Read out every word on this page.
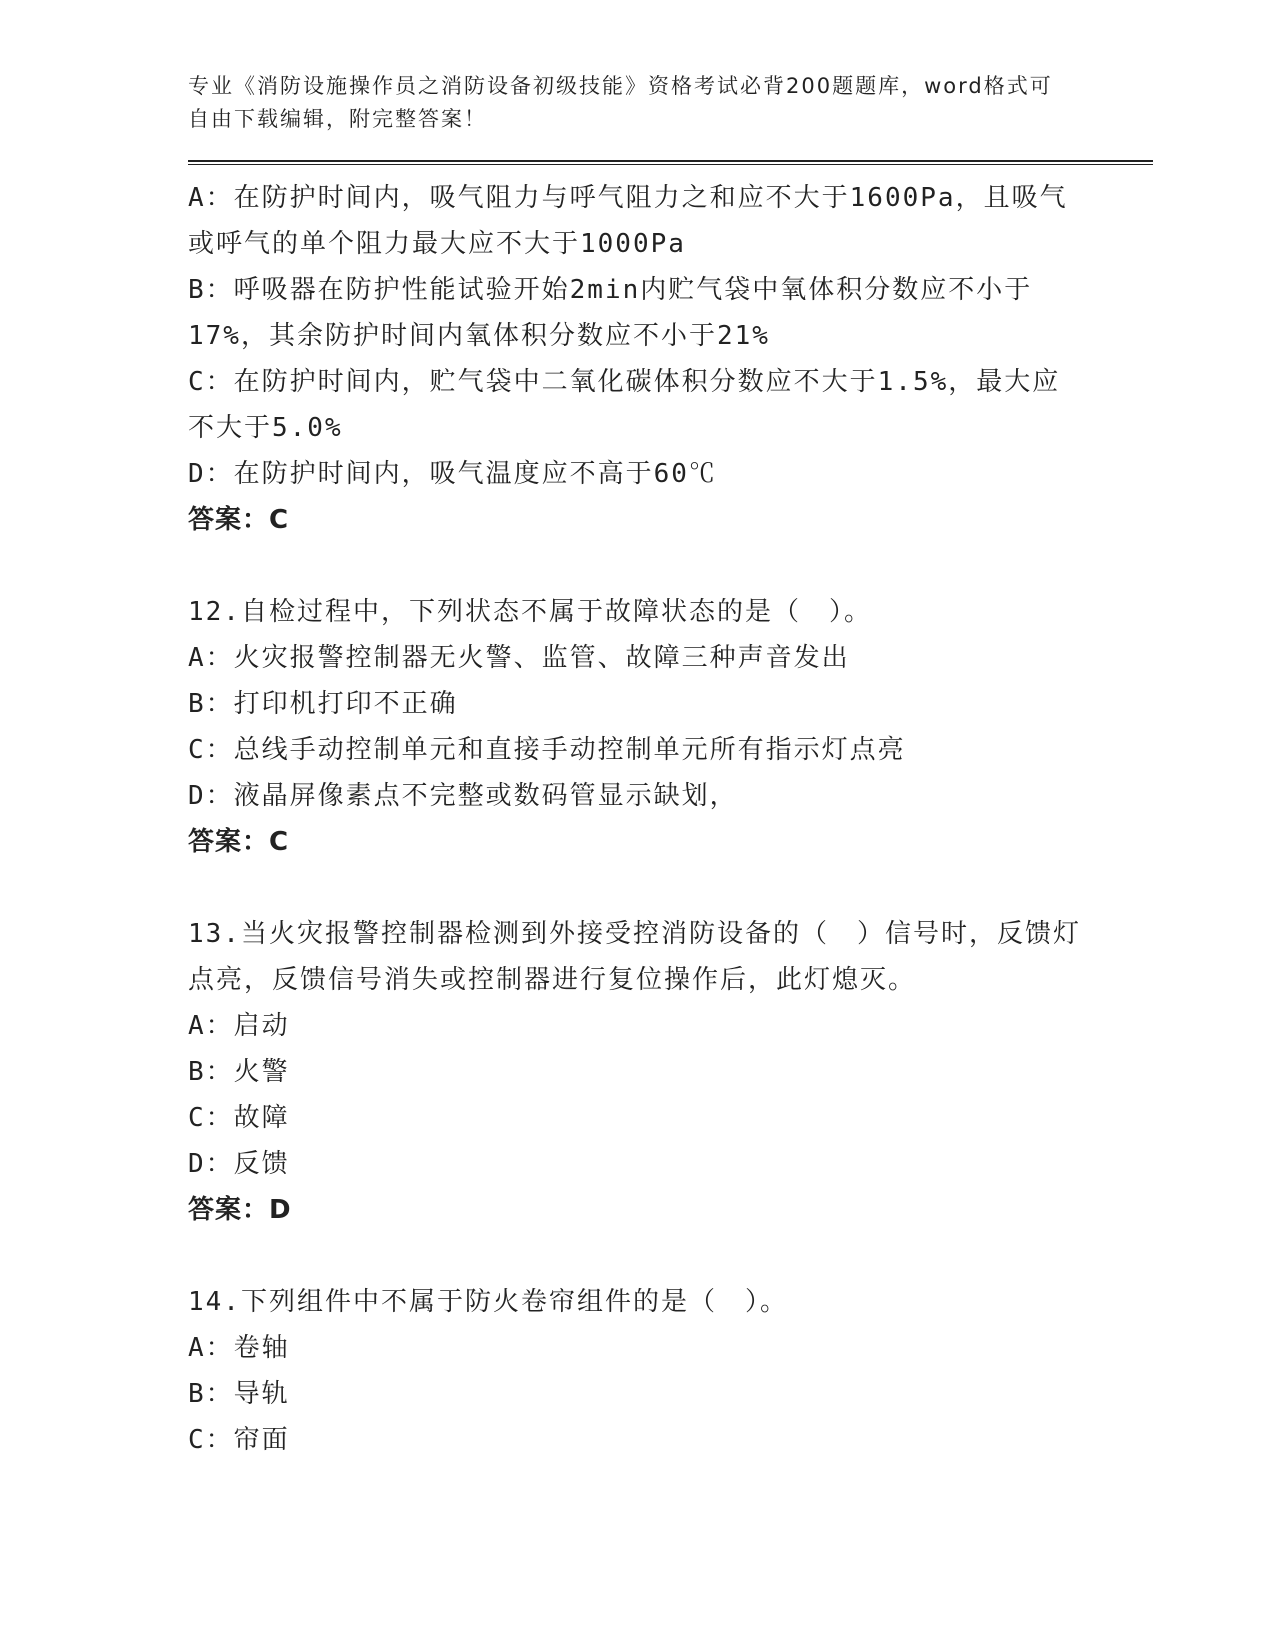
专业《消防设施操作员之消防设备初级技能》资格考试必背200题题库，word格式可自由下载编辑，附完整答案！
A：在防护时间内，吸气阻力与呼气阻力之和应不大于1600Pa，且吸气或呼气的单个阻力最大应不大于1000Pa
B：呼吸器在防护性能试验开始2min内贮气袋中氧体积分数应不小于17%，其余防护时间内氧体积分数应不小于21%
C：在防护时间内，贮气袋中二氧化碳体积分数应不大于1.5%，最大应不大于5.0%
D：在防护时间内，吸气温度应不高于60℃
答案：C
12.自检过程中，下列状态不属于故障状态的是（　）。
A：火灾报警控制器无火警、监管、故障三种声音发出
B：打印机打印不正确
C：总线手动控制单元和直接手动控制单元所有指示灯点亮
D：液晶屏像素点不完整或数码管显示缺划，
答案：C
13.当火灾报警控制器检测到外接受控消防设备的（　）信号时，反馈灯点亮，反馈信号消失或控制器进行复位操作后，此灯熄灭。
A：启动
B：火警
C：故障
D：反馈
答案：D
14.下列组件中不属于防火卷帘组件的是（　）。
A：卷轴
B：导轨
C：帘面
